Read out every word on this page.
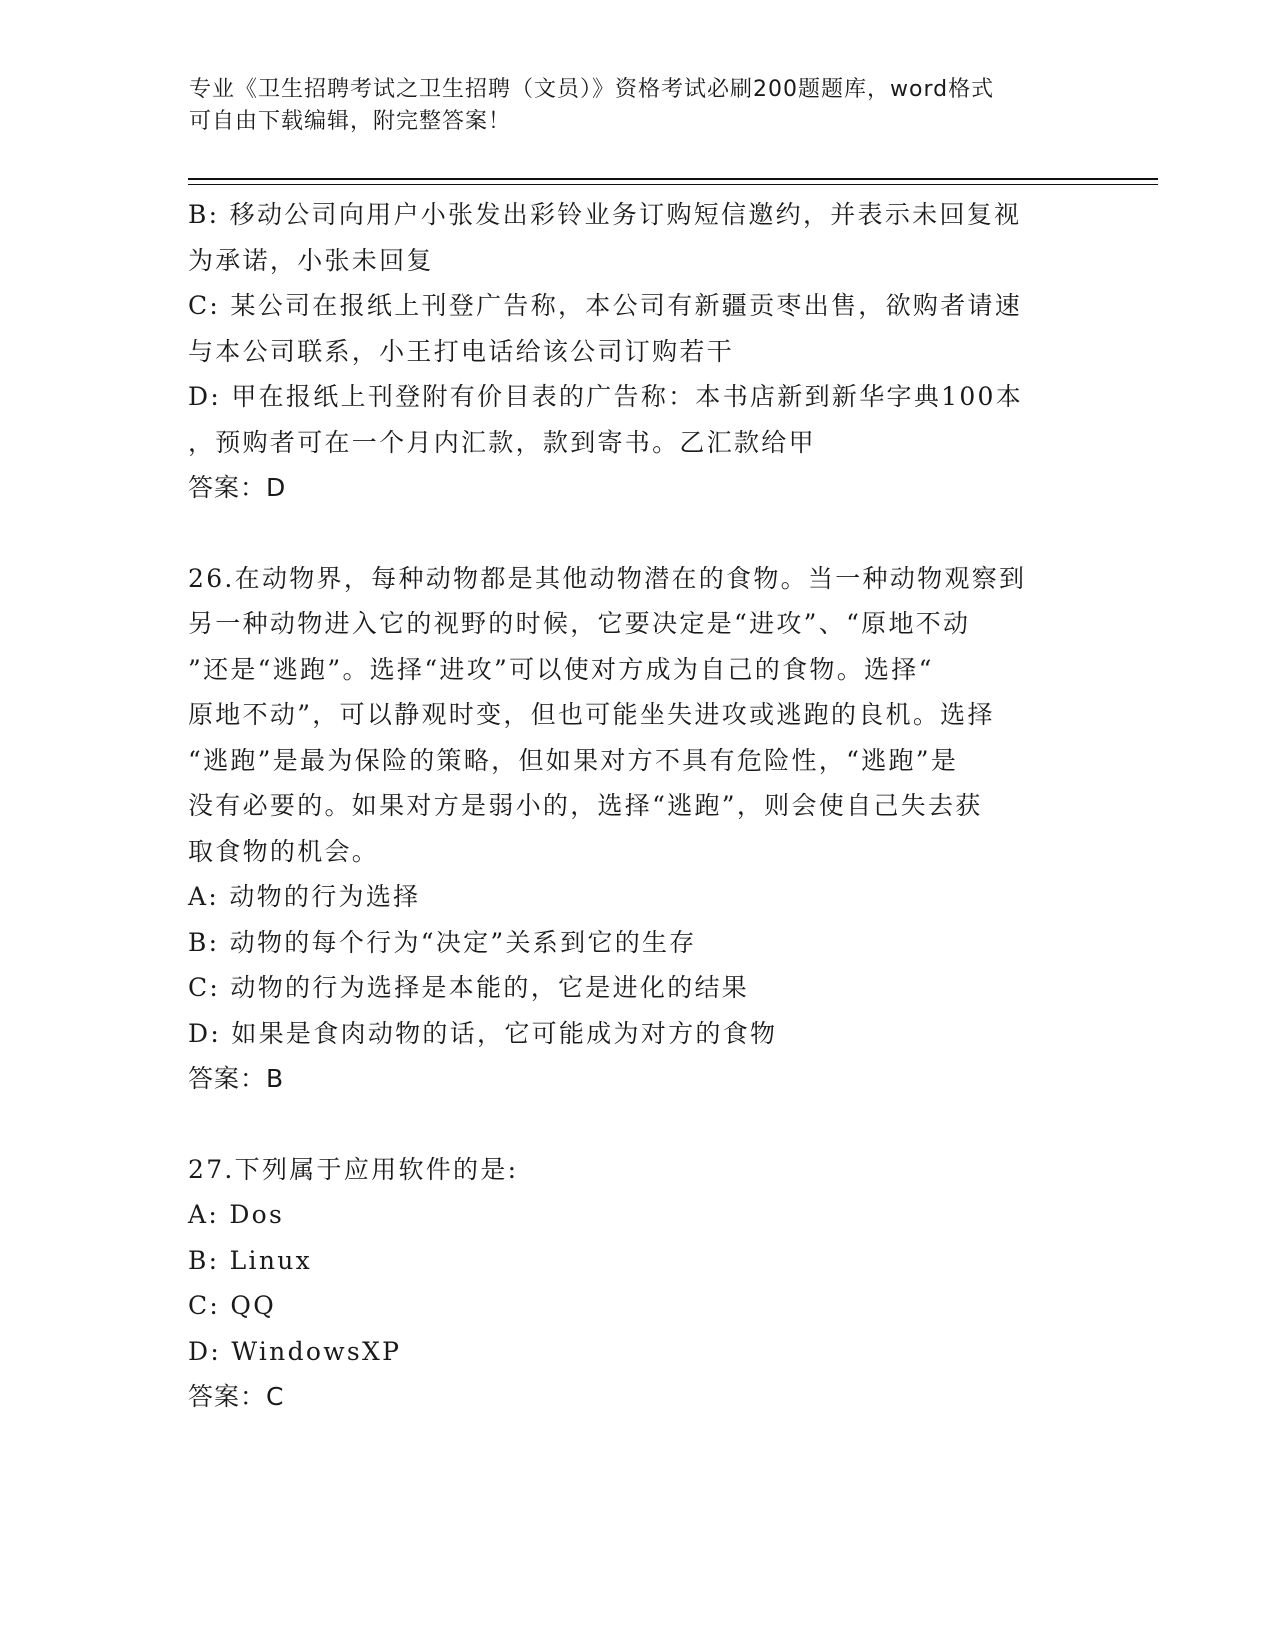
专业《卫生招聘考试之卫生招聘（文员）》资格考试必刷200题题库，word格式
可自由下载编辑，附完整答案！
B: 移动公司向用户小张发出彩铃业务订购短信邀约，并表示未回复视
为承诺，小张未回复
C: 某公司在报纸上刊登广告称，本公司有新疆贡枣出售，欲购者请速
与本公司联系，小王打电话给该公司订购若干
D: 甲在报纸上刊登附有价目表的广告称：本书店新到新华字典100本
，预购者可在一个月内汇款，款到寄书。乙汇款给甲
答案：D
26.在动物界，每种动物都是其他动物潜在的食物。当一种动物观察到
另一种动物进入它的视野的时候，它要决定是“进攻”、“原地不动
”还是“逃跑”。选择“进攻”可以使对方成为自己的食物。选择“
原地不动”，可以静观时变，但也可能坐失进攻或逃跑的良机。选择
“逃跑”是最为保险的策略，但如果对方不具有危险性，“逃跑”是
没有必要的。如果对方是弱小的，选择“逃跑”，则会使自己失去获
取食物的机会。
A: 动物的行为选择
B: 动物的每个行为“决定”关系到它的生存
C: 动物的行为选择是本能的，它是进化的结果
D: 如果是食肉动物的话，它可能成为对方的食物
答案：B
27.下列属于应用软件的是:
A: Dos
B: Linux
C: QQ
D: WindowsXP
答案：C
